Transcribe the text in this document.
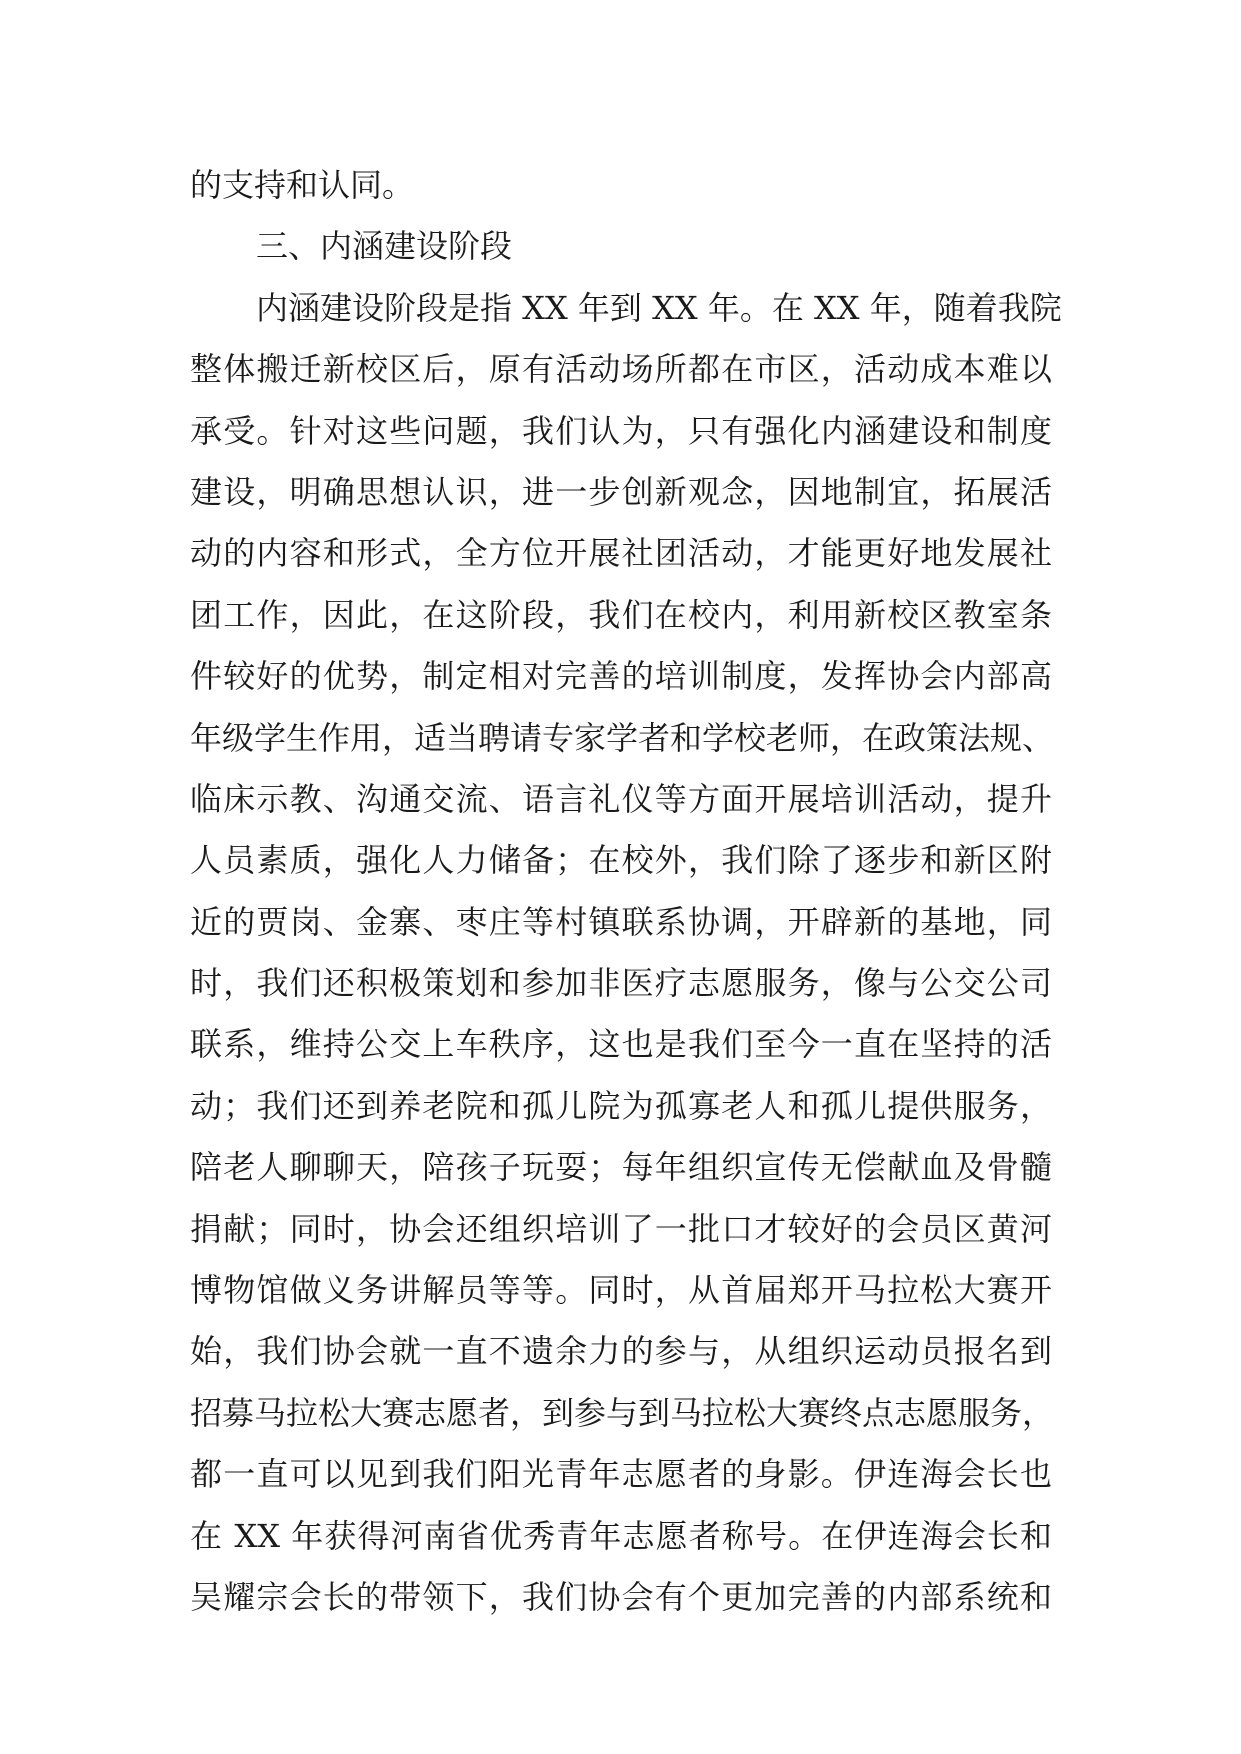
的支持和认同。
三、内涵建设阶段
内涵建设阶段是指 XX 年到 XX 年。在 XX 年，随着我院
整体搬迁新校区后，原有活动场所都在市区，活动成本难以
承受。针对这些问题，我们认为，只有强化内涵建设和制度
建设，明确思想认识，进一步创新观念，因地制宜，拓展活
动的内容和形式，全方位开展社团活动，才能更好地发展社
团工作，因此，在这阶段，我们在校内，利用新校区教室条
件较好的优势，制定相对完善的培训制度，发挥协会内部高
年级学生作用，适当聘请专家学者和学校老师，在政策法规、
临床示教、沟通交流、语言礼仪等方面开展培训活动，提升
人员素质，强化人力储备；在校外，我们除了逐步和新区附
近的贾岗、金寨、枣庄等村镇联系协调，开辟新的基地，同
时，我们还积极策划和参加非医疗志愿服务，像与公交公司
联系，维持公交上车秩序，这也是我们至今一直在坚持的活
动；我们还到养老院和孤儿院为孤寡老人和孤儿提供服务，
陪老人聊聊天，陪孩子玩耍；每年组织宣传无偿献血及骨髓
捐献；同时，协会还组织培训了一批口才较好的会员区黄河
博物馆做义务讲解员等等。同时，从首届郑开马拉松大赛开
始，我们协会就一直不遗余力的参与，从组织运动员报名到
招募马拉松大赛志愿者，到参与到马拉松大赛终点志愿服务，
都一直可以见到我们阳光青年志愿者的身影。伊连海会长也
在 XX 年获得河南省优秀青年志愿者称号。在伊连海会长和
吴耀宗会长的带领下，我们协会有个更加完善的内部系统和
